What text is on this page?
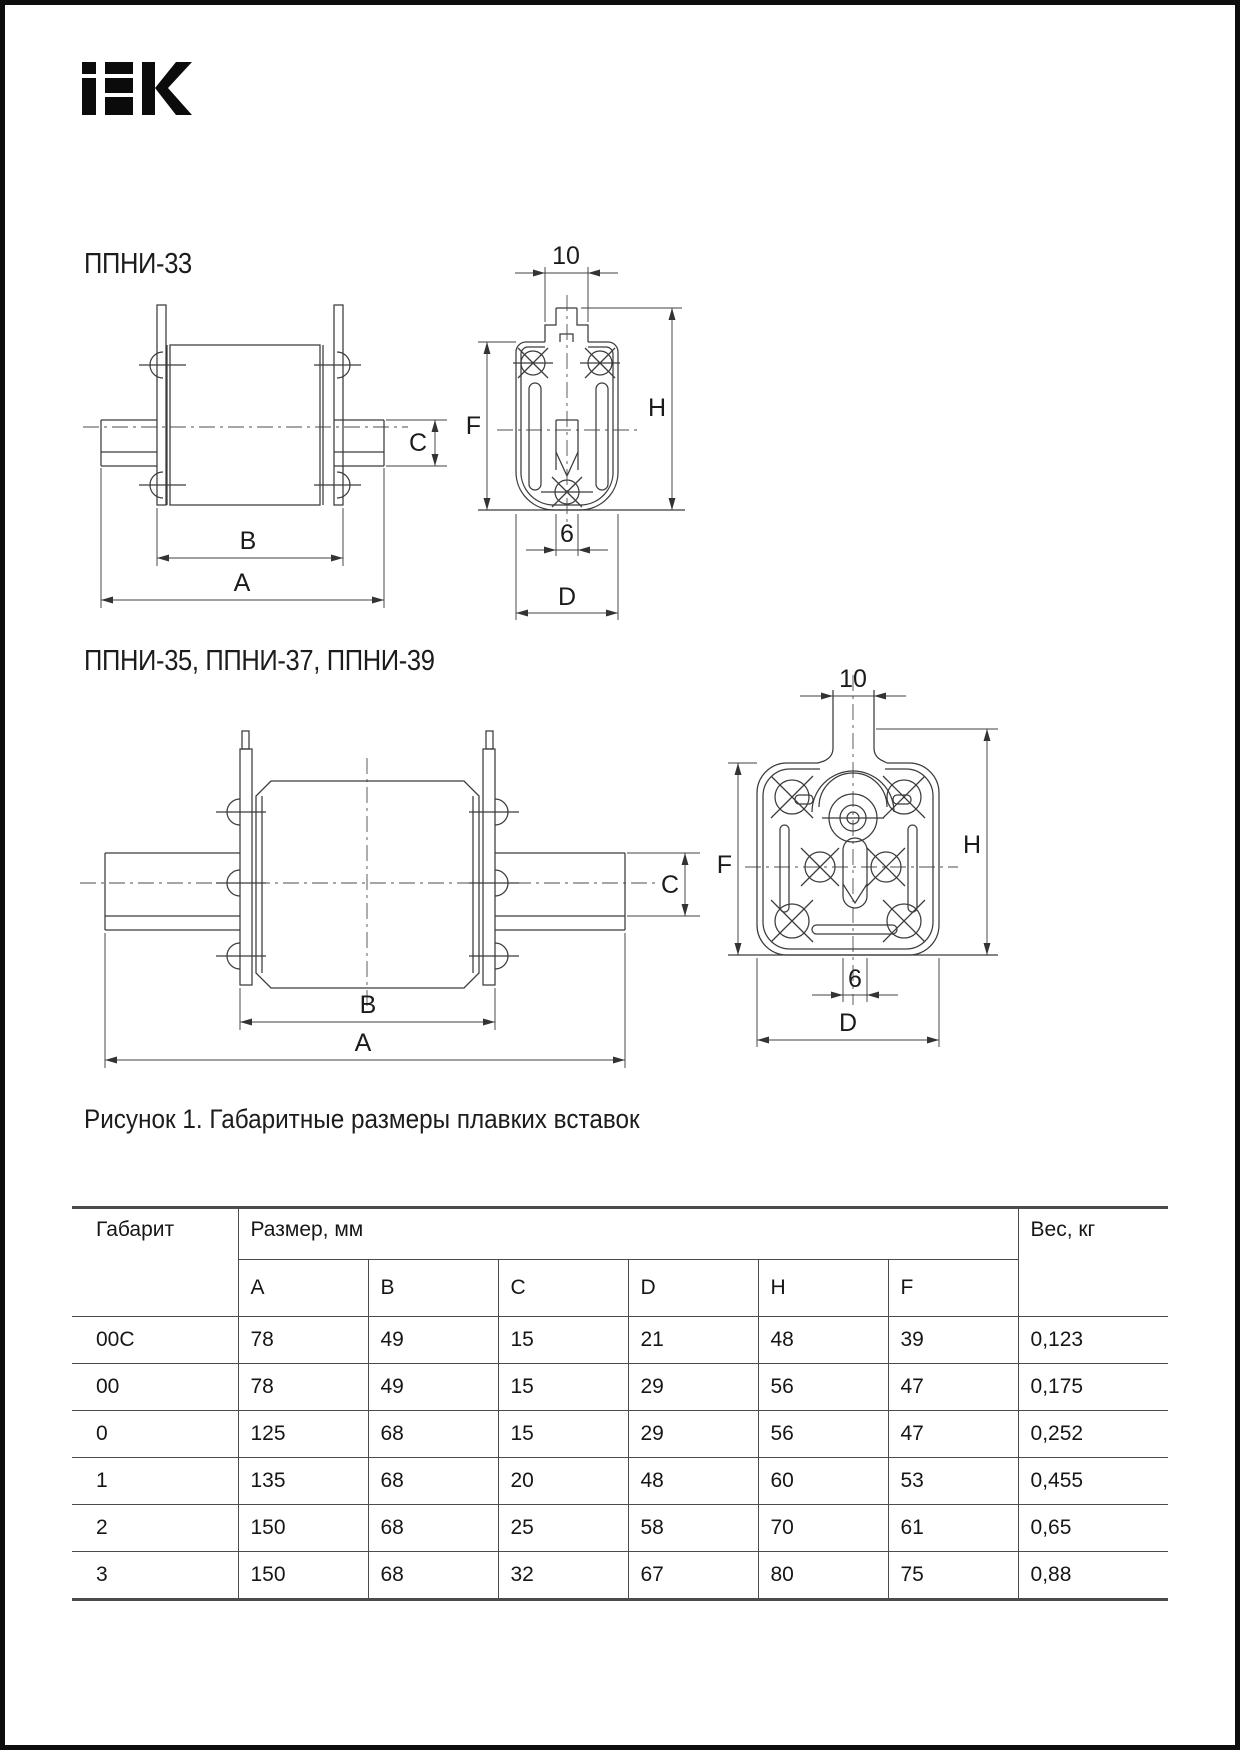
ППНИ-33
ППНИ-35, ППНИ-37, ППНИ-39
Рисунок 1. Габаритные размеры плавких вставок
B
A
C
10
H
F
6
D
B
A
C
10
F
H
6
D
Габарит	Размер, мм						Вес, кг
	A	B	C	D	H	F	
00C	78	49	15	21	48	39	0,123
00	78	49	15	29	56	47	0,175
0	125	68	15	29	56	47	0,252
1	135	68	20	48	60	53	0,455
2	150	68	25	58	70	61	0,65
3	150	68	32	67	80	75	0,88
